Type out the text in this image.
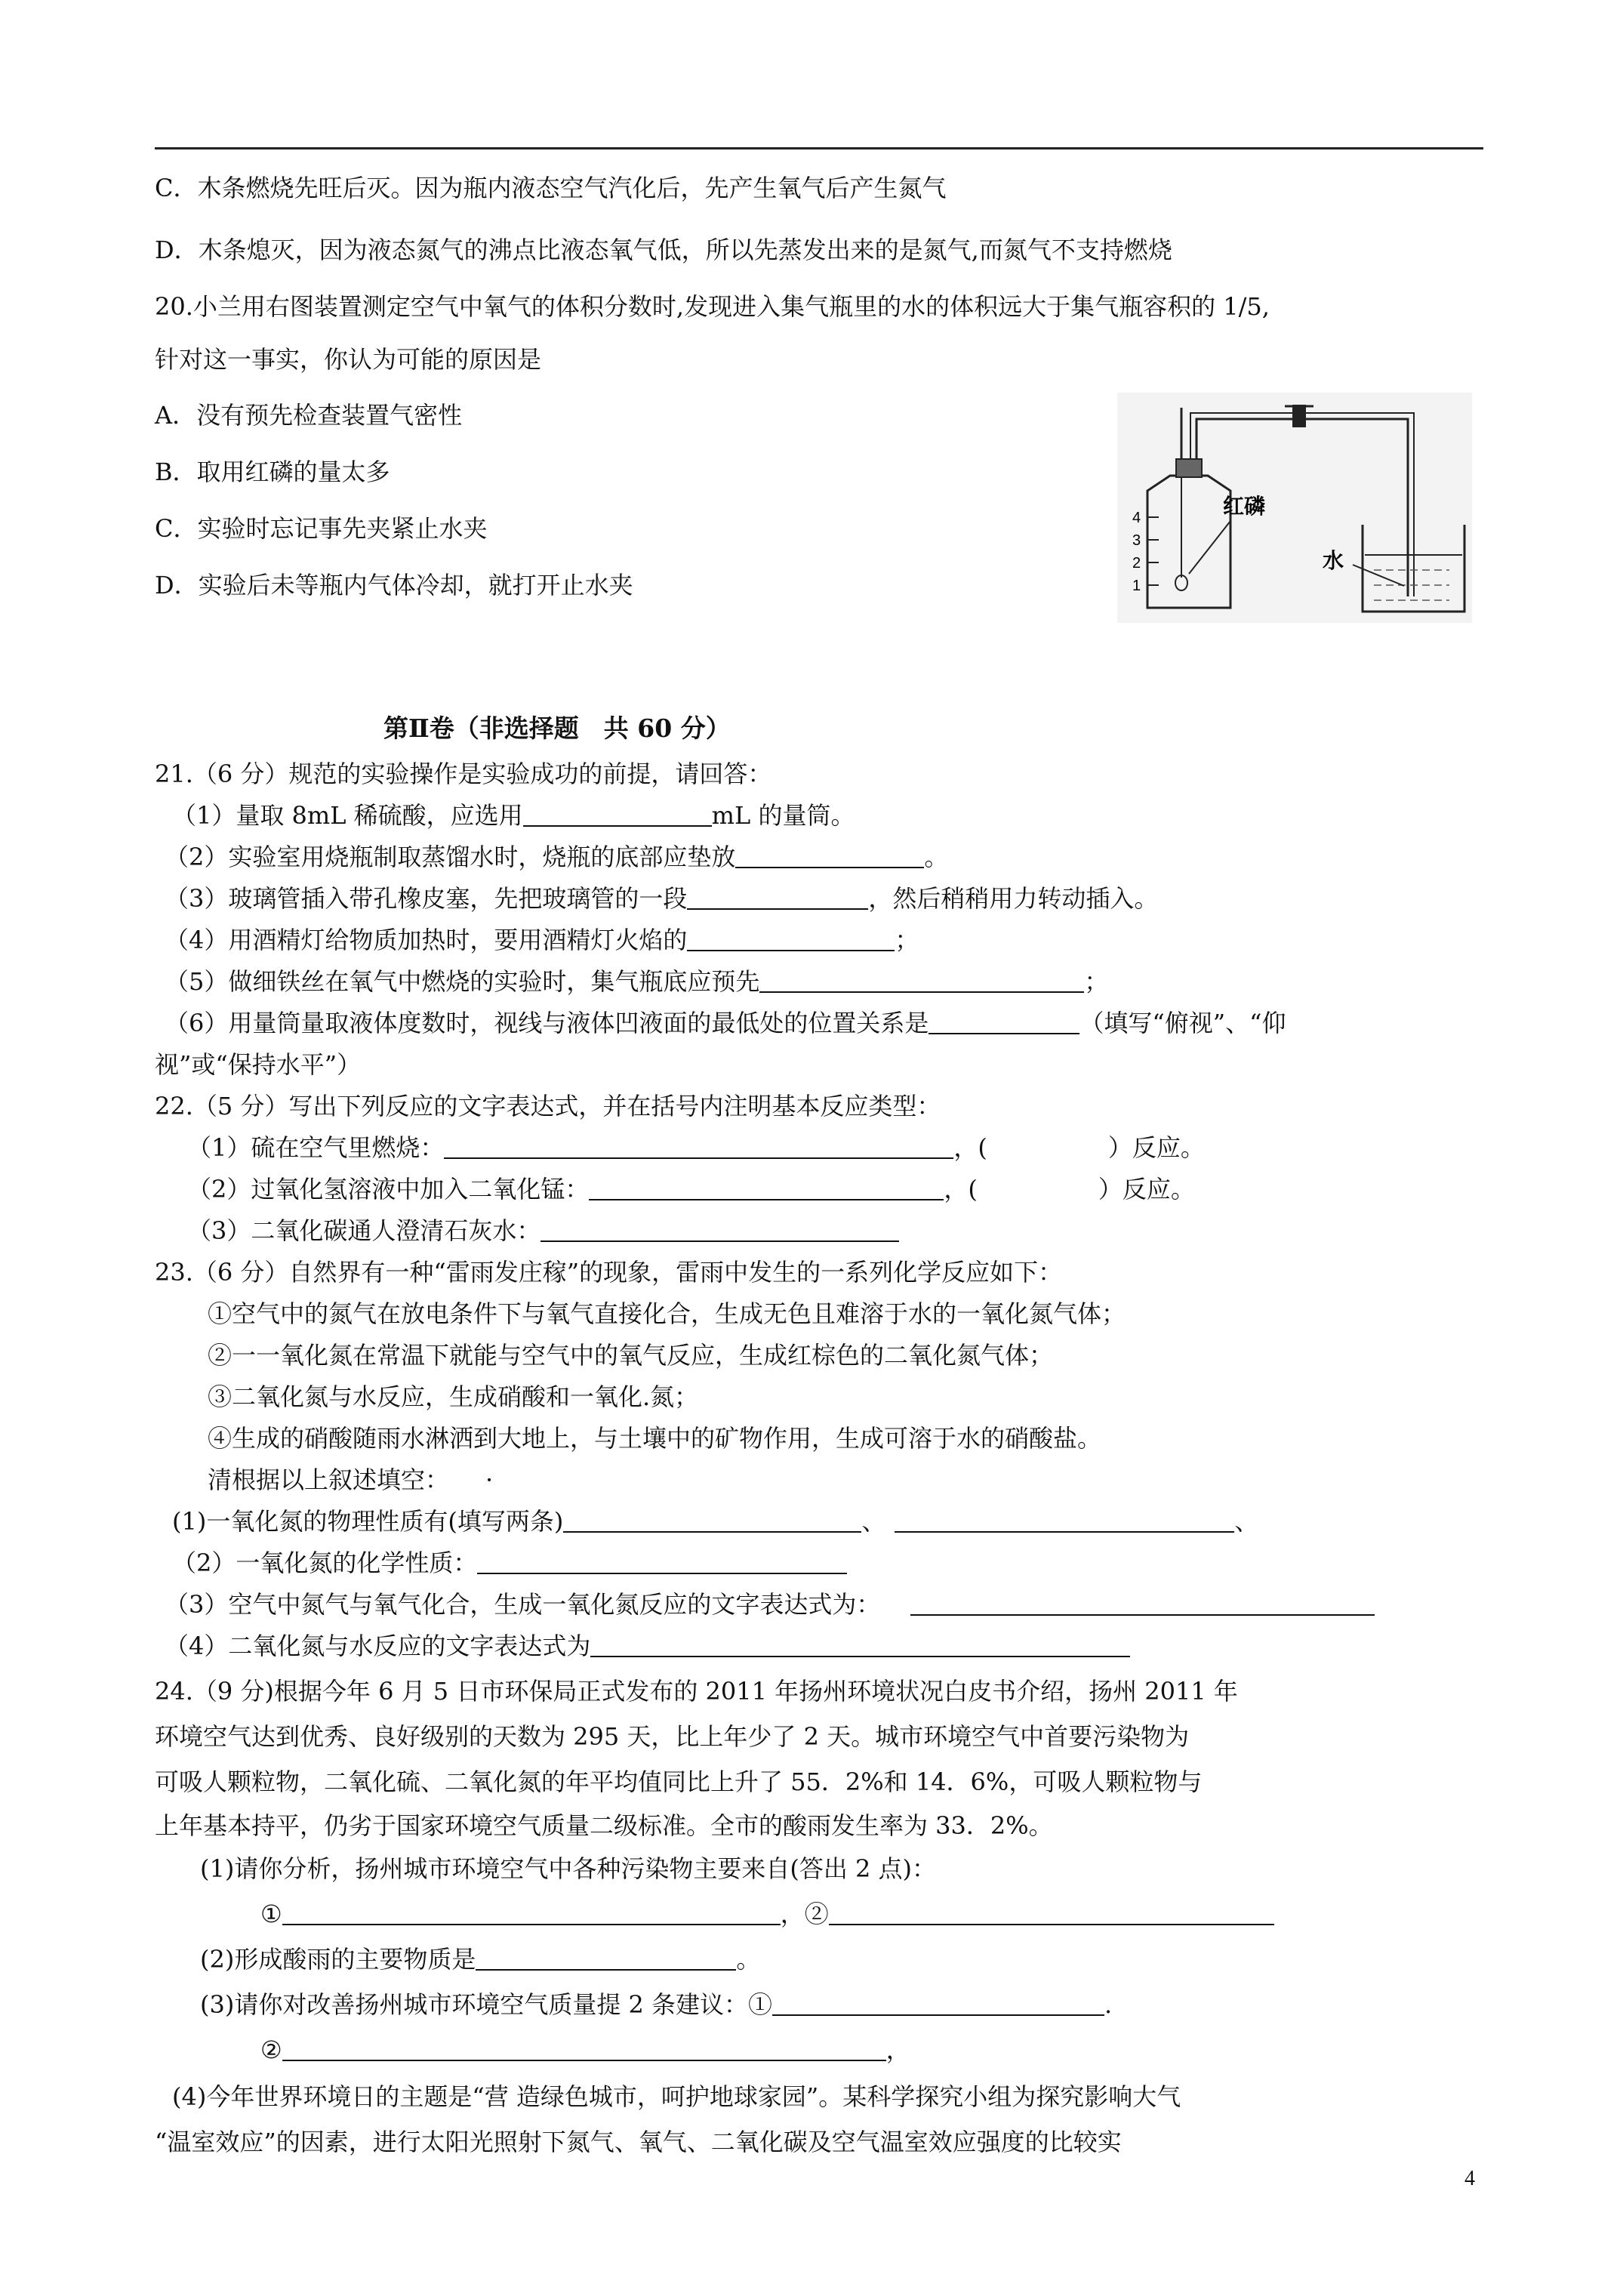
C．木条燃烧先旺后灭。因为瓶内液态空气汽化后，先产生氧气后产生氮气
D．木条熄灭，因为液态氮气的沸点比液态氧气低，所以先蒸发出来的是氮气,而氮气不支持燃烧
20.小兰用右图装置测定空气中氧气的体积分数时,发现进入集气瓶里的水的体积远大于集气瓶容积的 1/5,
针对这一事实，你认为可能的原因是
A．没有预先检查装置气密性
B．取用红磷的量太多
C．实验时忘记事先夹紧止水夹
D．实验后未等瓶内气体冷却，就打开止水夹
4
3
2
1
红磷
水
第Ⅱ卷（非选择题　共 60 分）
21.（6 分）规范的实验操作是实验成功的前提，请回答：
（1）量取 8mL 稀硫酸，应选用	mL 的量筒。
（2）实验室用烧瓶制取蒸馏水时，烧瓶的底部应垫放	。
（3）玻璃管插入带孔橡皮塞，先把玻璃管的一段	，然后稍稍用力转动插入。
（4）用酒精灯给物质加热时，要用酒精灯火焰的	；
（5）做细铁丝在氧气中燃烧的实验时，集气瓶底应预先	；
（6）用量筒量取液体度数时，视线与液体凹液面的最低处的位置关系是	（填写“俯视”、“仰
视”或“保持水平”）
22.（5 分）写出下列反应的文字表达式，并在括号内注明基本反应类型：
（1）硫在空气里燃烧：	，(　　　　　）反应。
（2）过氧化氢溶液中加入二氧化锰：	，(　　　　　）反应。
（3）二氧化碳通人澄清石灰水：
23.（6 分）自然界有一种“雷雨发庄稼”的现象，雷雨中发生的一系列化学反应如下：
①空气中的氮气在放电条件下与氧气直接化合，生成无色且难溶于水的一氧化氮气体；
②一一氧化氮在常温下就能与空气中的氧气反应，生成红棕色的二氧化氮气体；
③二氧化氮与水反应，生成硝酸和一氧化.氮；
④生成的硝酸随雨水淋洒到大地上，与土壤中的矿物作用，生成可溶于水的硝酸盐。
清根据以上叙述填空：　　·
(1)一氧化氮的物理性质有(填写两条)	、	、
（2）一氧化氮的化学性质：
（3）空气中氮气与氧气化合，生成一氧化氮反应的文字表达式为：
（4）二氧化氮与水反应的文字表达式为
24.（9 分)根据今年 6 月 5 日市环保局正式发布的 2011 年扬州环境状况白皮书介绍，扬州 2011 年
环境空气达到优秀、良好级别的天数为 295 天，比上年少了 2 天。城市环境空气中首要污染物为
可吸人颗粒物，二氧化硫、二氧化氮的年平均值同比上升了 55．2%和 14．6%，可吸人颗粒物与
上年基本持平，仍劣于国家环境空气质量二级标准。全市的酸雨发生率为 33．2%。
(1)请你分析，扬州城市环境空气中各种污染物主要来自(答出 2 点)：
①	，②
(2)形成酸雨的主要物质是	。
(3)请你对改善扬州城市环境空气质量提 2 条建议：①	.
②	，
(4)今年世界环境日的主题是“营 造绿色城市，呵护地球家园”。某科学探究小组为探究影响大气
“温室效应”的因素，进行太阳光照射下氮气、氧气、二氧化碳及空气温室效应强度的比较实
4
